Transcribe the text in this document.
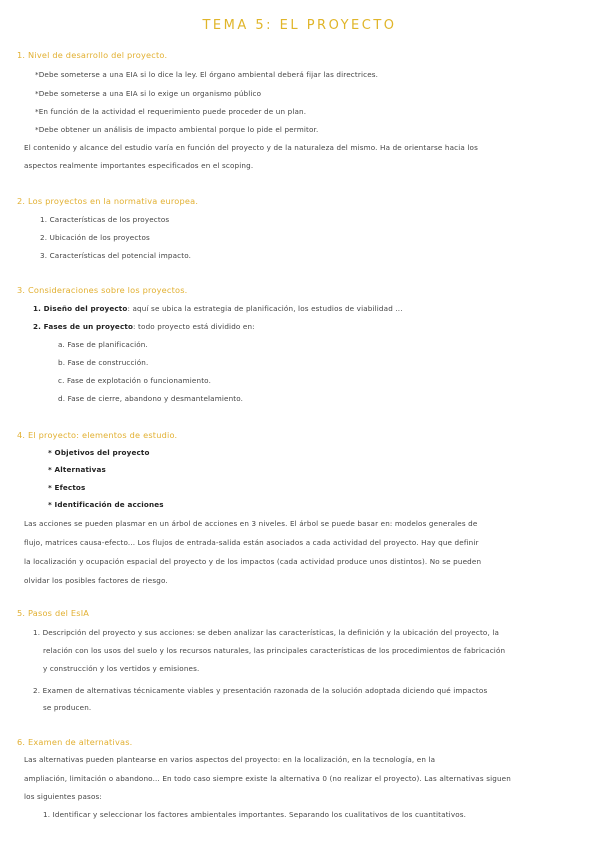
TEMA 5: EL PROYECTO
1. Nivel de desarrollo del proyecto.
*Debe someterse a una EIA si lo dice la ley. El órgano ambiental deberá fijar las directrices.
*Debe someterse a una EIA si lo exige un organismo público
*En función de la actividad el requerimiento puede proceder de un plan.
*Debe obtener un análisis de impacto ambiental porque lo pide el permitor.
El contenido y alcance del estudio varía en función del proyecto y de la naturaleza del mismo. Ha de orientarse hacia los
aspectos realmente importantes especificados en el scoping.
2. Los proyectos en la normativa europea.
1. Características de los proyectos
2. Ubicación de los proyectos
3. Características del potencial impacto.
3. Consideraciones sobre los proyectos.
1. Diseño del proyecto: aquí se ubica la estrategia de planificación, los estudios de viabilidad ...
2. Fases de un proyecto: todo proyecto está dividido en:
a. Fase de planificación.
b. Fase de construcción.
c. Fase de explotación o funcionamiento.
d. Fase de cierre, abandono y desmantelamiento.
4. El proyecto: elementos de estudio.
* Objetivos del proyecto
* Alternativas
* Efectos
* Identificación de acciones
Las acciones se pueden plasmar en un árbol de acciones en 3 niveles. El árbol se puede basar en: modelos generales de
flujo, matrices causa-efecto... Los flujos de entrada-salida están asociados a cada actividad del proyecto. Hay que definir
la localización y ocupación espacial del proyecto y de los impactos (cada actividad produce unos distintos). No se pueden
olvidar los posibles factores de riesgo.
5. Pasos del EsIA
1. Descripción del proyecto y sus acciones: se deben analizar las características, la definición y la ubicación del proyecto, la
relación con los usos del suelo y los recursos naturales, las principales características de los procedimientos de fabricación
y construcción y los vertidos y emisiones.
2. Examen de alternativas técnicamente viables y presentación razonada de la solución adoptada diciendo qué impactos
se producen.
6. Examen de alternativas.
Las alternativas pueden plantearse en varios aspectos del proyecto: en la localización, en la tecnología, en la
ampliación, limitación o abandono... En todo caso siempre existe la alternativa 0 (no realizar el proyecto). Las alternativas siguen
los siguientes pasos:
1. Identificar y seleccionar los factores ambientales importantes. Separando los cualitativos de los cuantitativos.
